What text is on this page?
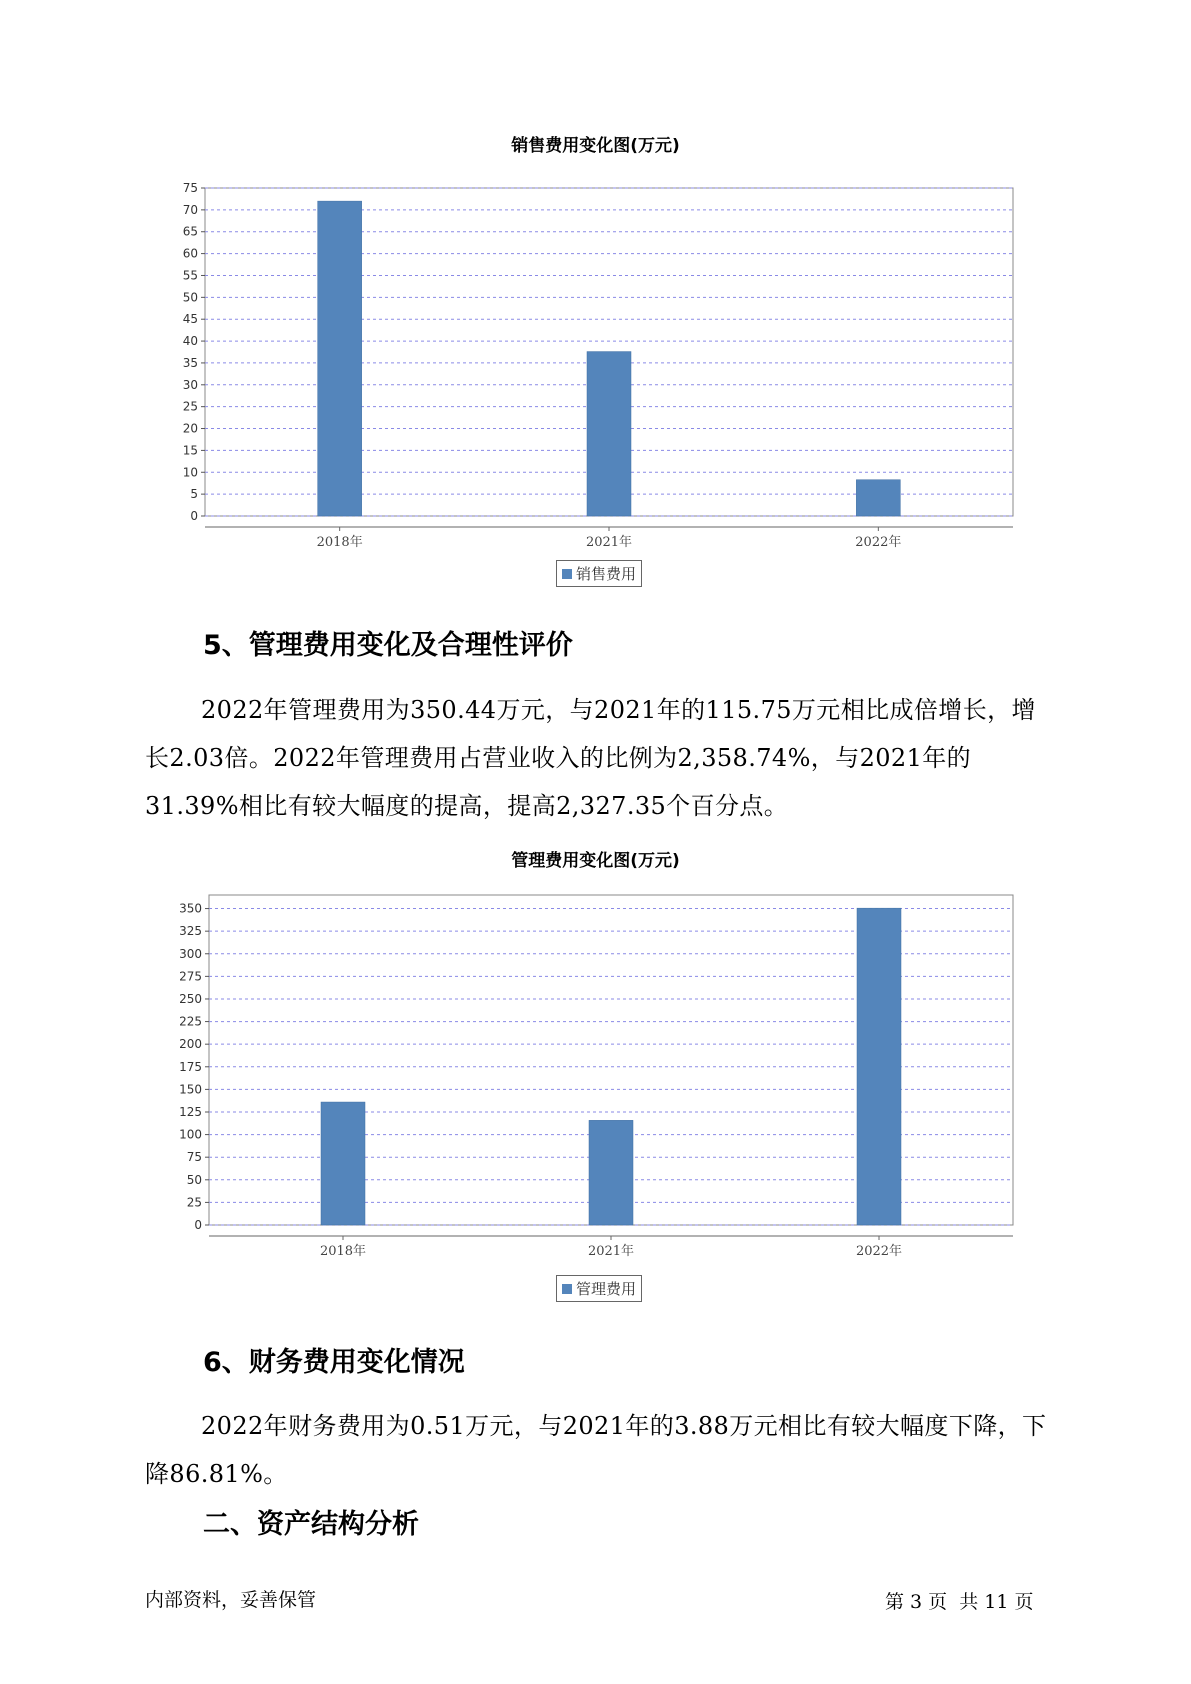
销售费用变化图(万元)
0
5
10
15
20
25
30
35
40
45
50
55
60
65
70
75
2018年	2021年	2022年
销售费用
5、管理费用变化及合理性评价

2022年管理费用为350.44万元，与2021年的115.75万元相比成倍增长，增长2.03倍。2022年管理费用占营业收入的比例为2,358.74%，与2021年的31.39%相比有较大幅度的提高，提高2,327.35个百分点。

管理费用变化图(万元)
0
25
50
75
100
125
150
175
200
225
250
275
300
325
350
2018年	2021年	2022年
管理费用
6、财务费用变化情况

2022年财务费用为0.51万元，与2021年的3.88万元相比有较大幅度下降，下降86.81%。

二、资产结构分析
内部资料，妥善保管	第 3 页 共 11 页
